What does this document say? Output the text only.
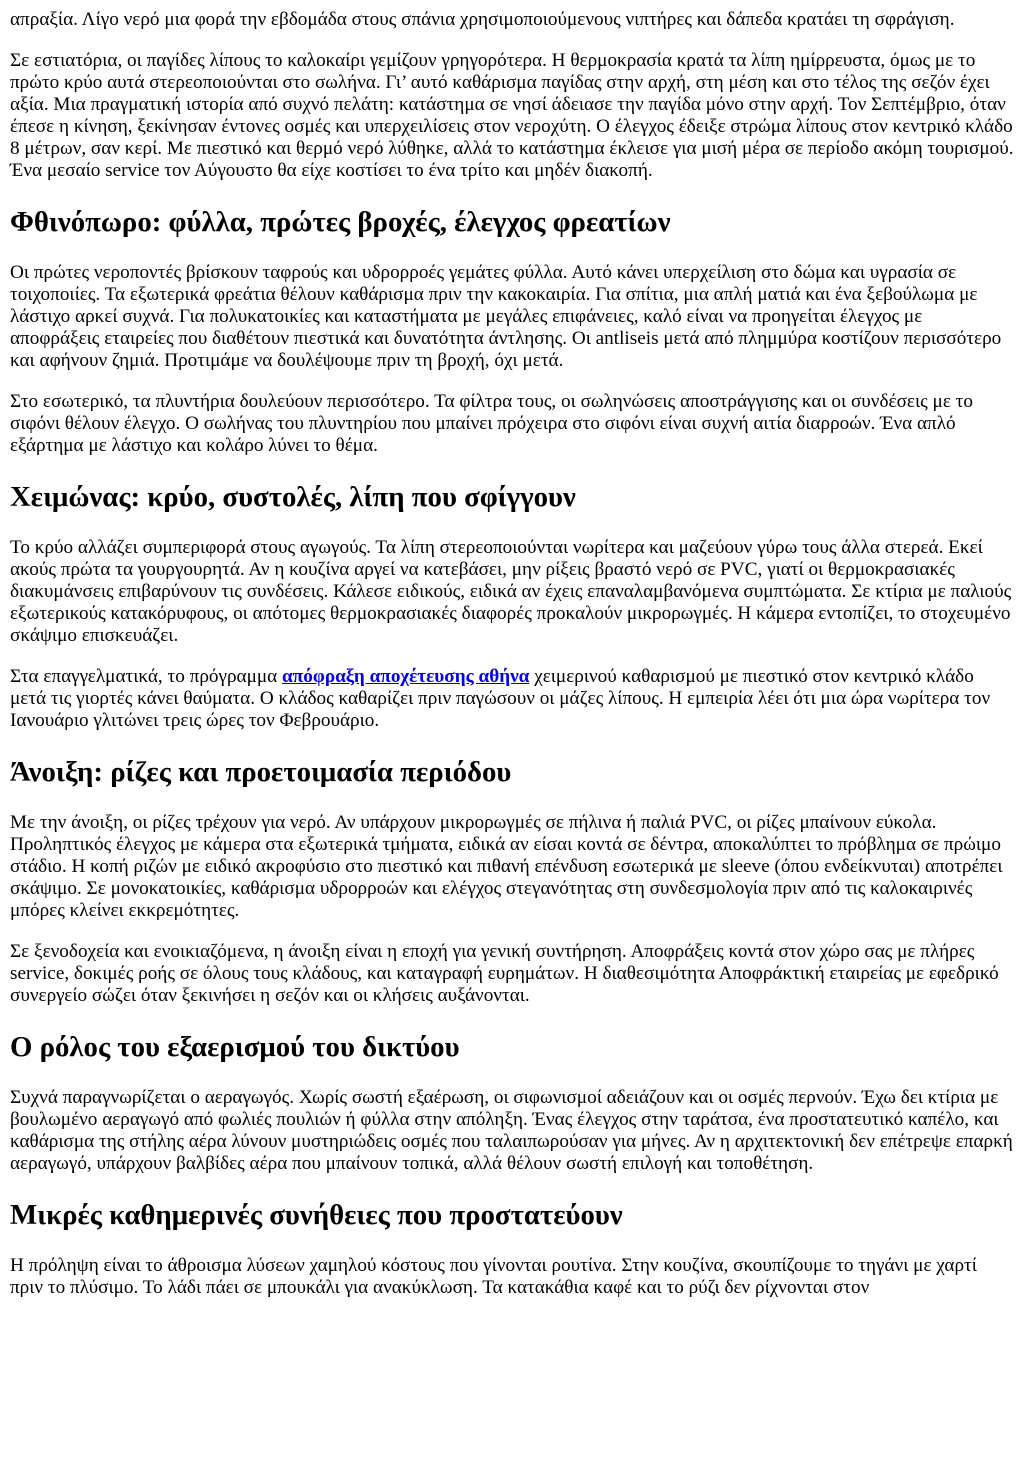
απραξία. Λίγο νερό μια φορά την εβδομάδα στους σπάνια χρησιμοποιούμενους νιπτήρες και δάπεδα κρατάει τη σφράγιση.

Σε εστιατόρια, οι παγίδες λίπους το καλοκαίρι γεμίζουν γρηγορότερα. Η θερμοκρασία κρατά τα λίπη ημίρρευστα, όμως με το πρώτο κρύο αυτά στερεοποιούνται στο σωλήνα. Γι’ αυτό καθάρισμα παγίδας στην αρχή, στη μέση και στο τέλος της σεζόν έχει αξία. Μια πραγματική ιστορία από συχνό πελάτη: κατάστημα σε νησί άδειασε την παγίδα μόνο στην αρχή. Τον Σεπτέμβριο, όταν έπεσε η κίνηση, ξεκίνησαν έντονες οσμές και υπερχειλίσεις στον νεροχύτη. Ο έλεγχος έδειξε στρώμα λίπους στον κεντρικό κλάδο 8 μέτρων, σαν κερί. Με πιεστικό και θερμό νερό λύθηκε, αλλά το κατάστημα έκλεισε για μισή μέρα σε περίοδο ακόμη τουρισμού. Ένα μεσαίο service τον Αύγουστο θα είχε κοστίσει το ένα τρίτο και μηδέν διακοπή.

Φθινόπωρο: φύλλα, πρώτες βροχές, έλεγχος φρεατίων

Οι πρώτες νεροποντές βρίσκουν ταφρούς και υδρορροές γεμάτες φύλλα. Αυτό κάνει υπερχείλιση στο δώμα και υγρασία σε τοιχοποιίες. Τα εξωτερικά φρεάτια θέλουν καθάρισμα πριν την κακοκαιρία. Για σπίτια, μια απλή ματιά και ένα ξεβούλωμα με λάστιχο αρκεί συχνά. Για πολυκατοικίες και καταστήματα με μεγάλες επιφάνειες, καλό είναι να προηγείται έλεγχος με αποφράξεις εταιρείες που διαθέτουν πιεστικά και δυνατότητα άντλησης. Οι antliseis μετά από πλημμύρα κοστίζουν περισσότερο και αφήνουν ζημιά. Προτιμάμε να δουλέψουμε πριν τη βροχή, όχι μετά.

Στο εσωτερικό, τα πλυντήρια δουλεύουν περισσότερο. Τα φίλτρα τους, οι σωληνώσεις αποστράγγισης και οι συνδέσεις με το σιφόνι θέλουν έλεγχο. Ο σωλήνας του πλυντηρίου που μπαίνει πρόχειρα στο σιφόνι είναι συχνή αιτία διαρροών. Ένα απλό εξάρτημα με λάστιχο και κολάρο λύνει το θέμα.

Χειμώνας: κρύο, συστολές, λίπη που σφίγγουν

Το κρύο αλλάζει συμπεριφορά στους αγωγούς. Τα λίπη στερεοποιούνται νωρίτερα και μαζεύουν γύρω τους άλλα στερεά. Εκεί ακούς πρώτα τα γουργουρητά. Αν η κουζίνα αργεί να κατεβάσει, μην ρίξεις βραστό νερό σε PVC, γιατί οι θερμοκρασιακές διακυμάνσεις επιβαρύνουν τις συνδέσεις. Κάλεσε ειδικούς, ειδικά αν έχεις επαναλαμβανόμενα συμπτώματα. Σε κτίρια με παλιούς εξωτερικούς κατακόρυφους, οι απότομες θερμοκρασιακές διαφορές προκαλούν μικρορωγμές. Η κάμερα εντοπίζει, το στοχευμένο σκάψιμο επισκευάζει.

Στα επαγγελματικά, το πρόγραμμα απόφραξη αποχέτευσης αθήνα χειμερινού καθαρισμού με πιεστικό στον κεντρικό κλάδο μετά τις γιορτές κάνει θαύματα. Ο κλάδος καθαρίζει πριν παγώσουν οι μάζες λίπους. Η εμπειρία λέει ότι μια ώρα νωρίτερα τον Ιανουάριο γλιτώνει τρεις ώρες τον Φεβρουάριο.

Άνοιξη: ρίζες και προετοιμασία περιόδου

Με την άνοιξη, οι ρίζες τρέχουν για νερό. Αν υπάρχουν μικρορωγμές σε πήλινα ή παλιά PVC, οι ρίζες μπαίνουν εύκολα. Προληπτικός έλεγχος με κάμερα στα εξωτερικά τμήματα, ειδικά αν είσαι κοντά σε δέντρα, αποκαλύπτει το πρόβλημα σε πρώιμο στάδιο. Η κοπή ριζών με ειδικό ακροφύσιο στο πιεστικό και πιθανή επένδυση εσωτερικά με sleeve (όπου ενδείκνυται) αποτρέπει σκάψιμο. Σε μονοκατοικίες, καθάρισμα υδρορροών και ελέγχος στεγανότητας στη συνδεσμολογία πριν από τις καλοκαιρινές μπόρες κλείνει εκκρεμότητες.

Σε ξενοδοχεία και ενοικιαζόμενα, η άνοιξη είναι η εποχή για γενική συντήρηση. Αποφράξεις κοντά στον χώρο σας με πλήρες service, δοκιμές ροής σε όλους τους κλάδους, και καταγραφή ευρημάτων. Η διαθεσιμότητα Αποφράκτική εταιρείας με εφεδρικό συνεργείο σώζει όταν ξεκινήσει η σεζόν και οι κλήσεις αυξάνονται.

Ο ρόλος του εξαερισμού του δικτύου

Συχνά παραγνωρίζεται ο αεραγωγός. Χωρίς σωστή εξαέρωση, οι σιφωνισμοί αδειάζουν και οι οσμές περνούν. Έχω δει κτίρια με βουλωμένο αεραγωγό από φωλιές πουλιών ή φύλλα στην απόληξη. Ένας έλεγχος στην ταράτσα, ένα προστατευτικό καπέλο, και καθάρισμα της στήλης αέρα λύνουν μυστηριώδεις οσμές που ταλαιπωρούσαν για μήνες. Αν η αρχιτεκτονική δεν επέτρεψε επαρκή αεραγωγό, υπάρχουν βαλβίδες αέρα που μπαίνουν τοπικά, αλλά θέλουν σωστή επιλογή και τοποθέτηση.

Μικρές καθημερινές συνήθειες που προστατεύουν

Η πρόληψη είναι το άθροισμα λύσεων χαμηλού κόστους που γίνονται ρουτίνα. Στην κουζίνα, σκουπίζουμε το τηγάνι με χαρτί πριν το πλύσιμο. Το λάδι πάει σε μπουκάλι για ανακύκλωση. Τα κατακάθια καφέ και το ρύζι δεν ρίχνονται στον
